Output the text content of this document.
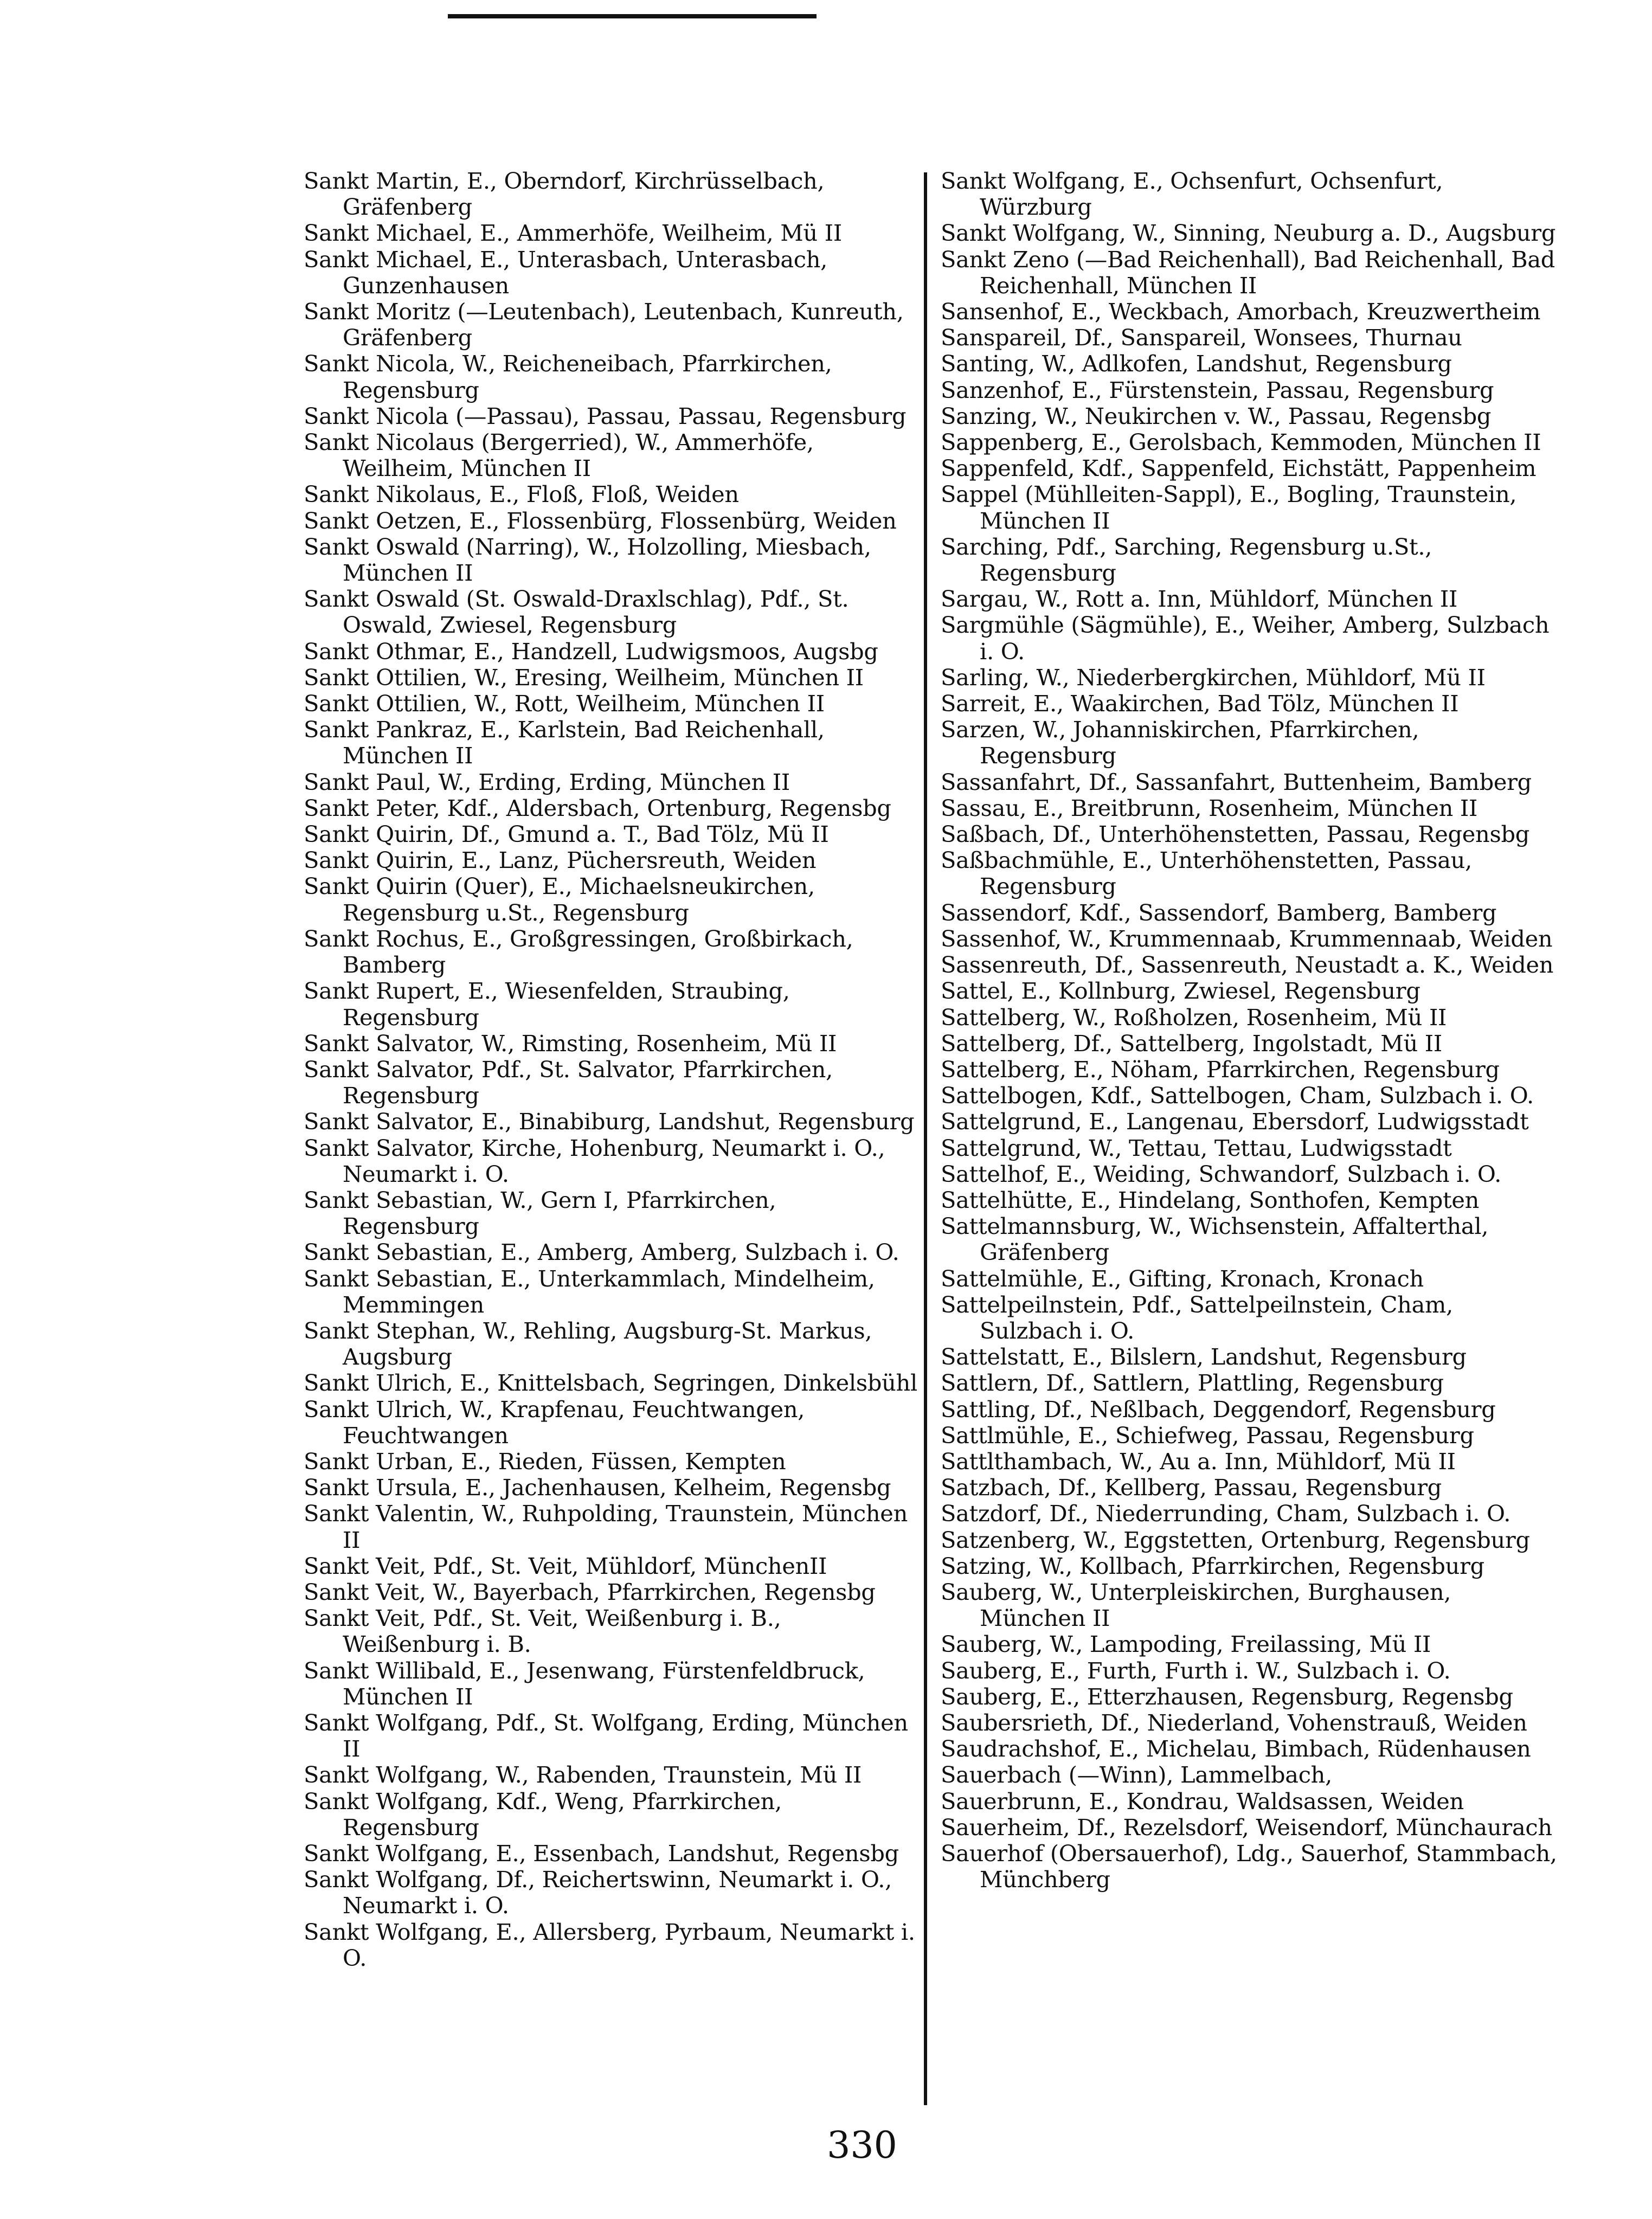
Sankt Martin, E., Oberndorf, Kirchrüsselbach, Gräfenberg
Sankt Michael, E., Ammerhöfe, Weilheim, Mü II
Sankt Michael, E., Unterasbach, Unterasbach, Gunzenhausen
Sankt Moritz (—Leutenbach), Leutenbach, Kunreuth, Gräfenberg
Sankt Nicola, W., Reicheneibach, Pfarrkirchen, Regensburg
Sankt Nicola (—Passau), Passau, Passau, Regensburg
Sankt Nicolaus (Bergerried), W., Ammerhöfe, Weilheim, München II
Sankt Nikolaus, E., Floß, Floß, Weiden
Sankt Oetzen, E., Flossenbürg, Flossenbürg, Weiden
Sankt Oswald (Narring), W., Holzolling, Miesbach, München II
Sankt Oswald (St. Oswald-Draxlschlag), Pdf., St. Oswald, Zwiesel, Regensburg
Sankt Othmar, E., Handzell, Ludwigsmoos, Augsbg
Sankt Ottilien, W., Eresing, Weilheim, München II
Sankt Ottilien, W., Rott, Weilheim, München II
Sankt Pankraz, E., Karlstein, Bad Reichenhall, München II
Sankt Paul, W., Erding, Erding, München II
Sankt Peter, Kdf., Aldersbach, Ortenburg, Regensbg
Sankt Quirin, Df., Gmund a. T., Bad Tölz, Mü II
Sankt Quirin, E., Lanz, Püchersreuth, Weiden
Sankt Quirin (Quer), E., Michaelsneukirchen, Regensburg u.St., Regensburg
Sankt Rochus, E., Großgressingen, Großbirkach, Bamberg
Sankt Rupert, E., Wiesenfelden, Straubing, Regensburg
Sankt Salvator, W., Rimsting, Rosenheim, Mü II
Sankt Salvator, Pdf., St. Salvator, Pfarrkirchen, Regensburg
Sankt Salvator, E., Binabiburg, Landshut, Regensburg
Sankt Salvator, Kirche, Hohenburg, Neumarkt i. O., Neumarkt i. O.
Sankt Sebastian, W., Gern I, Pfarrkirchen, Regensburg
Sankt Sebastian, E., Amberg, Amberg, Sulzbach i. O.
Sankt Sebastian, E., Unterkammlach, Mindelheim, Memmingen
Sankt Stephan, W., Rehling, Augsburg-St. Markus, Augsburg
Sankt Ulrich, E., Knittelsbach, Segringen, Dinkelsbühl
Sankt Ulrich, W., Krapfenau, Feuchtwangen, Feuchtwangen
Sankt Urban, E., Rieden, Füssen, Kempten
Sankt Ursula, E., Jachenhausen, Kelheim, Regensbg
Sankt Valentin, W., Ruhpolding, Traunstein, München II
Sankt Veit, Pdf., St. Veit, Mühldorf, MünchenII
Sankt Veit, W., Bayerbach, Pfarrkirchen, Regensbg
Sankt Veit, Pdf., St. Veit, Weißenburg i. B., Weißenburg i. B.
Sankt Willibald, E., Jesenwang, Fürstenfeldbruck, München II
Sankt Wolfgang, Pdf., St. Wolfgang, Erding, München II
Sankt Wolfgang, W., Rabenden, Traunstein, Mü II
Sankt Wolfgang, Kdf., Weng, Pfarrkirchen, Regensburg
Sankt Wolfgang, E., Essenbach, Landshut, Regensbg
Sankt Wolfgang, Df., Reichertswinn, Neumarkt i. O., Neumarkt i. O.
Sankt Wolfgang, E., Allersberg, Pyrbaum, Neumarkt i. O.
Sankt Wolfgang, E., Ochsenfurt, Ochsenfurt, Würzburg
Sankt Wolfgang, W., Sinning, Neuburg a. D., Augsburg
Sankt Zeno (—Bad Reichenhall), Bad Reichenhall, Bad Reichenhall, München II
Sansenhof, E., Weckbach, Amorbach, Kreuzwertheim
Sanspareil, Df., Sanspareil, Wonsees, Thurnau
Santing, W., Adlkofen, Landshut, Regensburg
Sanzenhof, E., Fürstenstein, Passau, Regensburg
Sanzing, W., Neukirchen v. W., Passau, Regensbg
Sappenberg, E., Gerolsbach, Kemmoden, München II
Sappenfeld, Kdf., Sappenfeld, Eichstätt, Pappenheim
Sappel (Mühlleiten-Sappl), E., Bogling, Traunstein, München II
Sarching, Pdf., Sarching, Regensburg u.St., Regensburg
Sargau, W., Rott a. Inn, Mühldorf, München II
Sargmühle (Sägmühle), E., Weiher, Amberg, Sulzbach i. O.
Sarling, W., Niederbergkirchen, Mühldorf, Mü II
Sarreit, E., Waakirchen, Bad Tölz, München II
Sarzen, W., Johanniskirchen, Pfarrkirchen, Regensburg
Sassanfahrt, Df., Sassanfahrt, Buttenheim, Bamberg
Sassau, E., Breitbrunn, Rosenheim, München II
Saßbach, Df., Unterhöhenstetten, Passau, Regensbg
Saßbachmühle, E., Unterhöhenstetten, Passau, Regensburg
Sassendorf, Kdf., Sassendorf, Bamberg, Bamberg
Sassenhof, W., Krummennaab, Krummennaab, Weiden
Sassenreuth, Df., Sassenreuth, Neustadt a. K., Weiden
Sattel, E., Kollnburg, Zwiesel, Regensburg
Sattelberg, W., Roßholzen, Rosenheim, Mü II
Sattelberg, Df., Sattelberg, Ingolstadt, Mü II
Sattelberg, E., Nöham, Pfarrkirchen, Regensburg
Sattelbogen, Kdf., Sattelbogen, Cham, Sulzbach i. O.
Sattelgrund, E., Langenau, Ebersdorf, Ludwigsstadt
Sattelgrund, W., Tettau, Tettau, Ludwigsstadt
Sattelhof, E., Weiding, Schwandorf, Sulzbach i. O.
Sattelhütte, E., Hindelang, Sonthofen, Kempten
Sattelmannsburg, W., Wichsenstein, Affalterthal, Gräfenberg
Sattelmühle, E., Gifting, Kronach, Kronach
Sattelpeilnstein, Pdf., Sattelpeilnstein, Cham, Sulzbach i. O.
Sattelstatt, E., Bilslern, Landshut, Regensburg
Sattlern, Df., Sattlern, Plattling, Regensburg
Sattling, Df., Neßlbach, Deggendorf, Regensburg
Sattlmühle, E., Schiefweg, Passau, Regensburg
Sattlthambach, W., Au a. Inn, Mühldorf, Mü II
Satzbach, Df., Kellberg, Passau, Regensburg
Satzdorf, Df., Niederrunding, Cham, Sulzbach i. O.
Satzenberg, W., Eggstetten, Ortenburg, Regensburg
Satzing, W., Kollbach, Pfarrkirchen, Regensburg
Sauberg, W., Unterpleiskirchen, Burghausen, München II
Sauberg, W., Lampoding, Freilassing, Mü II
Sauberg, E., Furth, Furth i. W., Sulzbach i. O.
Sauberg, E., Etterzhausen, Regensburg, Regensbg
Saubersrieth, Df., Niederland, Vohenstrauß, Weiden
Saudrachshof, E., Michelau, Bimbach, Rüdenhausen
Sauerbach (—Winn), Lammelbach,
Sauerbrunn, E., Kondrau, Waldsassen, Weiden
Sauerheim, Df., Rezelsdorf, Weisendorf, Münchaurach
Sauerhof (Obersauerhof), Ldg., Sauerhof, Stammbach, Münchberg
330
